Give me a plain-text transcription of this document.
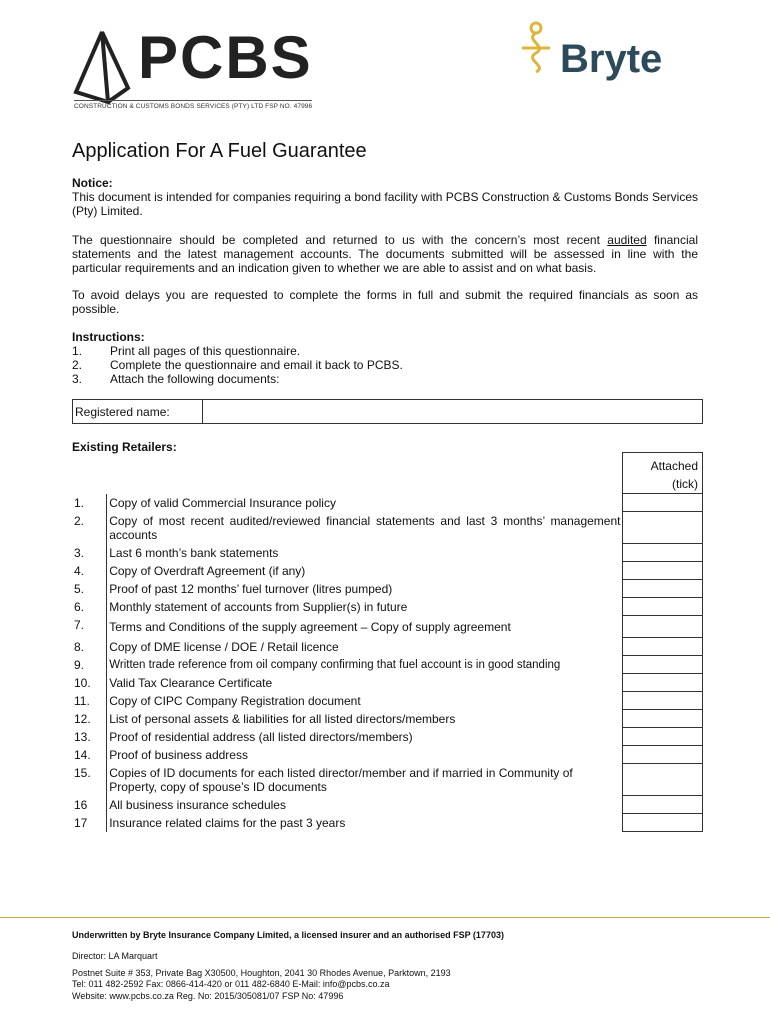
PCBS
CONSTRUCTION & CUSTOMS BONDS SERVICES (PTY) LTD FSP NO. 47996
Bryte
Application For A Fuel Guarantee
Notice:
This document is intended for companies requiring a bond facility with PCBS Construction & Customs Bonds Services (Pty) Limited.
The questionnaire should be completed and returned to us with the concern’s most recent audited financial statements and the latest management accounts. The documents submitted will be assessed in line with the particular requirements and an indication given to whether we are able to assist and on what basis.
To avoid delays you are requested to complete the forms in full and submit the required financials as soon as possible.
Instructions:
1.	Print all pages of this questionnaire.
2.	Complete the questionnaire and email it back to PCBS.
3.	Attach the following documents:
Registered name:
Existing Retailers:
		Attached
(tick)
1.	Copy of valid Commercial Insurance policy	
2.	Copy of most recent audited/reviewed financial statements and last 3 months’ management accounts	
3.	Last 6 month’s bank statements	
4.	Copy of Overdraft Agreement (if any)	
5.	Proof of past 12 months’ fuel turnover (litres pumped)	
6.	Monthly statement of accounts from Supplier(s) in future	
7.	Terms and Conditions of the supply agreement – Copy of supply agreement	
8.	Copy of DME license / DOE / Retail licence	
9.	Written trade reference from oil company confirming that fuel account is in good standing	
10.	Valid Tax Clearance Certificate	
11.	Copy of CIPC Company Registration document	
12.	List of personal assets & liabilities for all listed directors/members	
13.	Proof of residential address (all listed directors/members)	
14.	Proof of business address	
15.	Copies of ID documents for each listed director/member and if married in Community of Property, copy of spouse’s ID documents	
16	All business insurance schedules	
17	Insurance related claims for the past 3 years	
Underwritten by Bryte Insurance Company Limited, a licensed insurer and an authorised FSP (17703)
Director: LA Marquart
Postnet Suite # 353, Private Bag X30500, Houghton, 2041 30 Rhodes Avenue, Parktown, 2193
Tel: 011 482-2592 Fax: 0866-414-420 or 011 482-6840 E-Mail: info@pcbs.co.za
Website: www.pcbs.co.za Reg. No: 2015/305081/07 FSP No: 47996
